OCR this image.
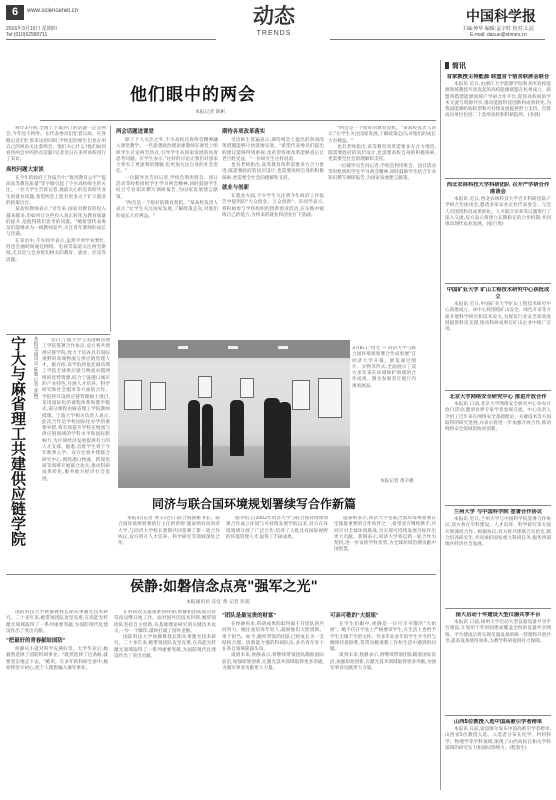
6	www.sciencenet.cn
2016年3月10日 星期四
Tel:(010)62580711
动态
TRENDS
中国科学报
主编:钟华 编辑:孟宇时 校对:么辰
E-mail: dacue@stimes.cn
他们眼中的两会
本报记者 陈彬

每年3月初,全国上下最热门的话题一定是两会,今年也不例外。在代表委员们忙着议政、在各路记者们忙着采访的同时,学校里的师生们也在用自己的视角关注着两会。他们关心什么?他们如何看待两会中的热点话题?记者近日在多所高校进行了采访。

高校问题大家谈

在今年的政府工作报告中,"推进教育公平""提高高等教育质量"等字眼引起了不少高校师生的关注。一位大学生告诉记者,他最关心的是高校毕业生的就业问题,希望两会上能有更多关于扩大就业的政策出台。

某高校教师表示,"近年来,国家对教育的投入越来越多,但如何让这些投入真正转化为教育质量的提升,是值得我们思考的问题。"她希望代表委员们能够多为一线教师发声,关注青年教师的成长与待遇。

在采访中,不少同学表示,虽然平时学业繁忙,但也会抽时间通过网络、电视等渠道关注两会新闻,尤其是与自身密切相关的教育、就业、住房等话题。

两会话题进课堂

除了个人关注之外,不少高校还将两会精神融入课堂教学。一些思想政治理论课教师在课堂上组织学生讨论两会热点,引导学生从国家发展的角度思考问题。有学生表示,"这样的讨论让我们对国家大事有了更深刻的理解,也更加关注自身的社会责任。"

一位辅导员告诉记者,学校会利用班会、团日活动等时机组织学生学习两会精神,同时鼓励学生结合专业知识撰写调研报告,为国家发展建言献策。

"两会是一个很好的教育契机。"某高校负责人表示,"让学生关注国家发展,了解政策走向,对他们的成长大有裨益。"

期待各项改革落实

受访师生普遍表示,期待两会上提出的各项改革措施能够尽快落地见效。"希望代表委员们提出的建议能够得到重视,也希望各项改革能够真正让老百姓受益。"一位研究生这样说道。

也有老师指出,高等教育改革需要多方合力推进,既需要政府的顶层设计,也需要高校自身的积极探索,更需要全社会的理解和支持。

就业与创新

在就业方面,不少学生关注到今年政府工作报告中提到的"大众创业、万众创新"。有同学表示,将积极参与学校组织的创新创业活动,在实践中锻炼自己的能力,为将来的就业和创业打下基础。

"两会是一个很好的教育契机。"某高校负责人表示,"让学生关注国家发展,了解政策走向,对他们的成长大有裨益。"

也有老师指出,高等教育改革需要多方合力推进,既需要政府的顶层设计,也需要高校自身的积极探索,更需要全社会的理解和支持。

一位辅导员告诉记者,学校会利用班会、团日活动等时机组织学生学习两会精神,同时鼓励学生结合专业知识撰写调研报告,为国家发展建言献策。

宁大与麻省理工共建供应链学院	本报讯(通讯员 陈敏 记者 张楠)	近日,宁波大学与美国麻省理工学院签署合作协议,双方将共建供应链学院,致力于培养具有国际视野的高端物流与供应链管理人才。据介绍,该学院将依托麻省理工学院全球供应链与物流卓越网络的优势资源,结合宁波港口城市的产业特色,开展人才培养、科学研究和社会服务等方面的合作。学院将开设供应链管理硕士项目,采用国际化的课程体系和教学模式,部分课程由麻省理工学院教师授课。宁波大学相关负责人表示,此次合作是学校国际化办学的重要举措,将有效提升学校在物流与供应链领域的学科水平和国际影响力,为区域经济发展提供有力的人才支撑。据悉,首批学生将于今年秋季入学。双方还将共建联合研究中心,围绕港口物流、跨境电商等领域开展联合攻关,推动科研成果转化,服务地方经济社会发展。

3月8日,"拾光 — 同济大学与联合国环境规划署合作成果展"在同济大学开幕。展览通过图片、实物等形式,全面展示了双方多年来在环境保护领域的合作成果。图为参观者在展厅内观看展品。

本报记者 黄辛摄
同济与联合国环境规划署续写合作新篇

本报讯(记者 黄辛)近日,联合国副秘书长、联合国环境规划署执行主任阿希姆·施泰纳访问同济大学,与同济大学校长裴钢共同签署了新一轮合作协议,双方将在人才培养、科学研究等领域深化合作。

据介绍,自2002年同济大学与联合国环境规划署合作成立环境与可持续发展学院以来,双方在环境领域开展了广泛合作,培养了大批具有国际视野的环境管理人才,取得了丰硕成果。

施泰纳表示,同济大学是联合国环境规划署在全球最重要的合作伙伴之一,希望双方继续携手,共同应对全球环境挑战,为实现可持续发展目标作出更大贡献。裴钢表示,同济大学将以新一轮合作为契机,进一步发挥学科优势,为全球环境治理贡献中国智慧。

侯静:如磐信念点亮"强军之光"
本报通讯员 宣宜 黄 记者 彭超

国防科技大学侯静教授长期从事激光技术研究。二十多年来,她带领团队攻坚克难,在高能光纤激光领域取得了一系列重要突破,为国防现代化建设作出了突出贡献。

"把最好的青春献给国防"

侯静从小就对科学充满好奇。大学毕业后,她毅然选择了国防科研事业。"既然选择了这条路,就要坚定地走下去。"她说。在多年的科研生涯中,她始终坚守初心,把个人理想融入强军事业。

在科研攻关最艰难的时期,侯静和团队成员常常夜以继日地工作。面对国外的技术封锁,她带领团队坚持自主创新,从基础理论研究到关键技术攻关,一步一个脚印,最终打破了国外垄断。

国防科技大学侯静教授长期从事激光技术研究。二十多年来,她带领团队攻坚克难,在高能光纤激光领域取得了一系列重要突破,为国防现代化建设作出了突出贡献。

"团队是最宝贵的财富"

在侯静看来,科研成果的取得离不开团队的共同努力。她注重培养年轻人,鼓励他们大胆创新、勇于担当。如今,她所带领的团队已经成长为一支结构合理、创新能力强的科研队伍,多名青年骨干在各自领域崭露头角。

谈到未来,侯静表示,将继续带领团队瞄准国际前沿,加强原始创新,在激光技术领域取得更多突破,为强军事业贡献更大力量。

可亲可敬的"大姐姐"

在学生们眼中,侯静是一位可亲可敬的"大姐姐"。她不仅在学业上严格要求学生,在生活上也给予学生无微不至的关怀。许多毕业多年的学生至今仍与她保持着联系,常常向她请教工作和生活中遇到的问题。

谈到未来,侯静表示,将继续带领团队瞄准国际前沿,加强原始创新,在激光技术领域取得更多突破,为强军事业贡献更大力量。

简讯
首家教授主持能源 联盟首个宿舍联席会联合

本报讯 近日,由浙江大学能源学院和多所高校能源领域教授共同发起的高校能源联盟在杭州成立。联盟将搭建能源领域产学研合作平台,促进高校间的学术交流与资源共享,推动能源科技创新和成果转化,为我国能源结构转型和可持续发展提供智力支持。首批成员单位包括二十余所高校和科研院所。(李晨)

西北农林科技大学科研团队 召开产学研合作座谈会

本报讯 近日,西北农林科技大学召开科研团队产学研合作座谈会,邀请多家农业企业代表参会。与会人员围绕科技成果转化、人才联合培养等议题进行了深入交流,双方表示将建立长期稳定的合作机制,共同推动现代农业发展。(张行勇)

中国矿业大学 矿山工程技术研究中心获批成立

本报讯 近日,中国矿业大学矿山工程技术研究中心获批成立。该中心将围绕矿山安全、绿色开采等方面开展科学研究和技术攻关,为煤炭行业安全高效发展提供科技支撑,推动科研成果在矿山企业中推广应用。

北京大学网络安全研究中心 推进开放合作

本报讯 日前,北京大学网络安全研究中心举办开放日活动,邀请业界专家学者参观交流。中心负责人介绍了近年来在网络安全基础理论、关键技术等方面取得的研究进展,并表示将进一步加强开放合作,推动网络安全领域的协同创新。

兰州大学 与中国科学院 签署合作协议

本报讯 近日,兰州大学与中国科学院签署合作协议,双方将在学科建设、人才培养、科学研究等方面开展深度合作。根据协议,双方将共建联合实验室,联合培养研究生,共同承担国家重大科研任务,服务西部地区经济社会发展。

扬大启动十年建设大型仪器共享平台

本报讯 日前,扬州大学启动大型仪器设备共享平台建设,计划用十年时间建成覆盖全校的仪器共享网络。平台建成后将实现仪器设备的统一管理和开放共享,提高设备使用效率,为教学科研提供有力保障。

山西5位教授入选中国高被引学者榜单

本报讯 日前,爱思唯尔发布中国高被引学者榜单,山西省5位教授入选。入选者分布在化学、材料科学、物理学等学科领域,体现了山西高校在相关学科领域的研究实力和国际影响力。(程春生)
